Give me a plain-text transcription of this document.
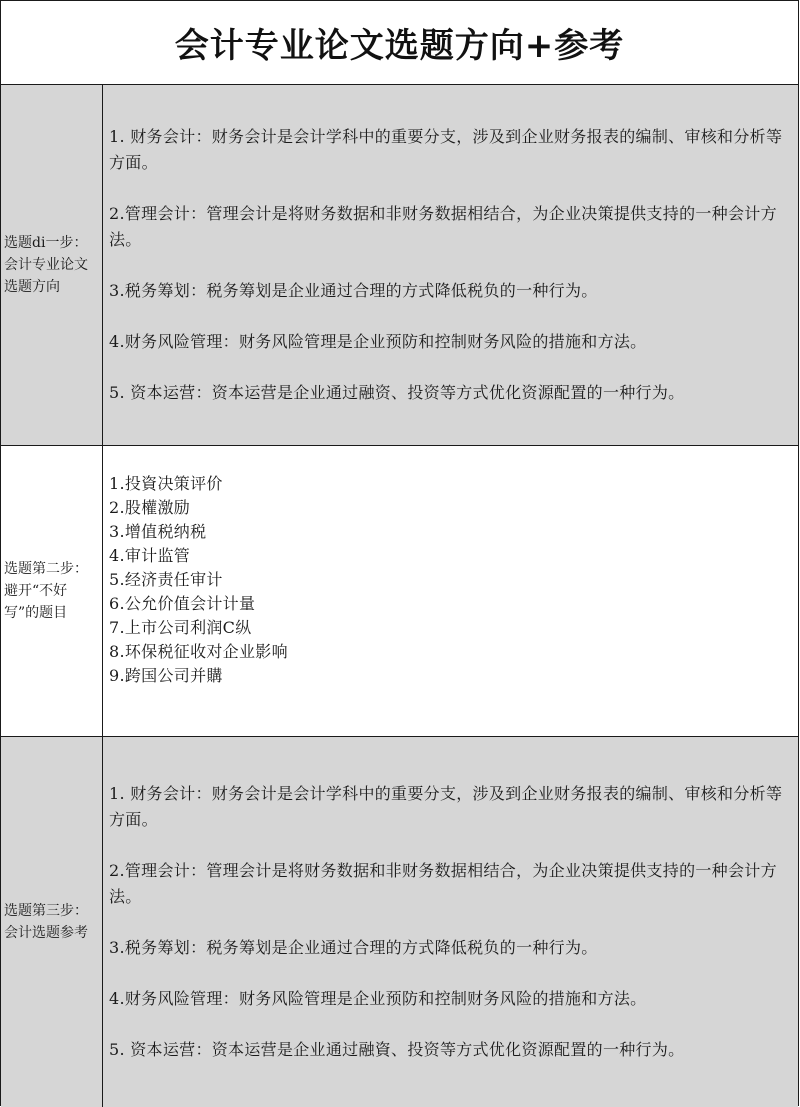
会计专业论文选题方向+参考
选题di一步：会计专业论文选题方向

1. 财务会计：财务会计是会计学科中的重要分支，涉及到企业财务报表的编制、审核和分析等方面。

2.管理会计：管理会计是将财务数据和非财务数据相结合，为企业决策提供支持的一种会计方法。

3.税务筹划：税务筹划是企业通过合理的方式降低税负的一种行为。

4.财务风险管理：财务风险管理是企业预防和控制财务风险的措施和方法。

5. 资本运营：资本运营是企业通过融资、投资等方式优化资源配置的一种行为。

选题第二步：避开“不好写”的题目
1.投資决策评价
2.股權激励
3.增值税纳税
4.审计监管
5.经济责任审计
6.公允价值会计计量
7.上市公司利润C纵
8.环保税征收对企业影响
9.跨国公司并購
选题第三步：会计选题参考

1. 财务会计：财务会计是会计学科中的重要分支，涉及到企业财务报表的编制、审核和分析等方面。

2.管理会计：管理会计是将财务数据和非财务数据相结合，为企业决策提供支持的一种会计方法。

3.税务筹划：税务筹划是企业通过合理的方式降低税负的一种行为。

4.财务风险管理：财务风险管理是企业预防和控制财务风险的措施和方法。

5. 资本运营：资本运营是企业通过融資、投资等方式优化资源配置的一种行为。
